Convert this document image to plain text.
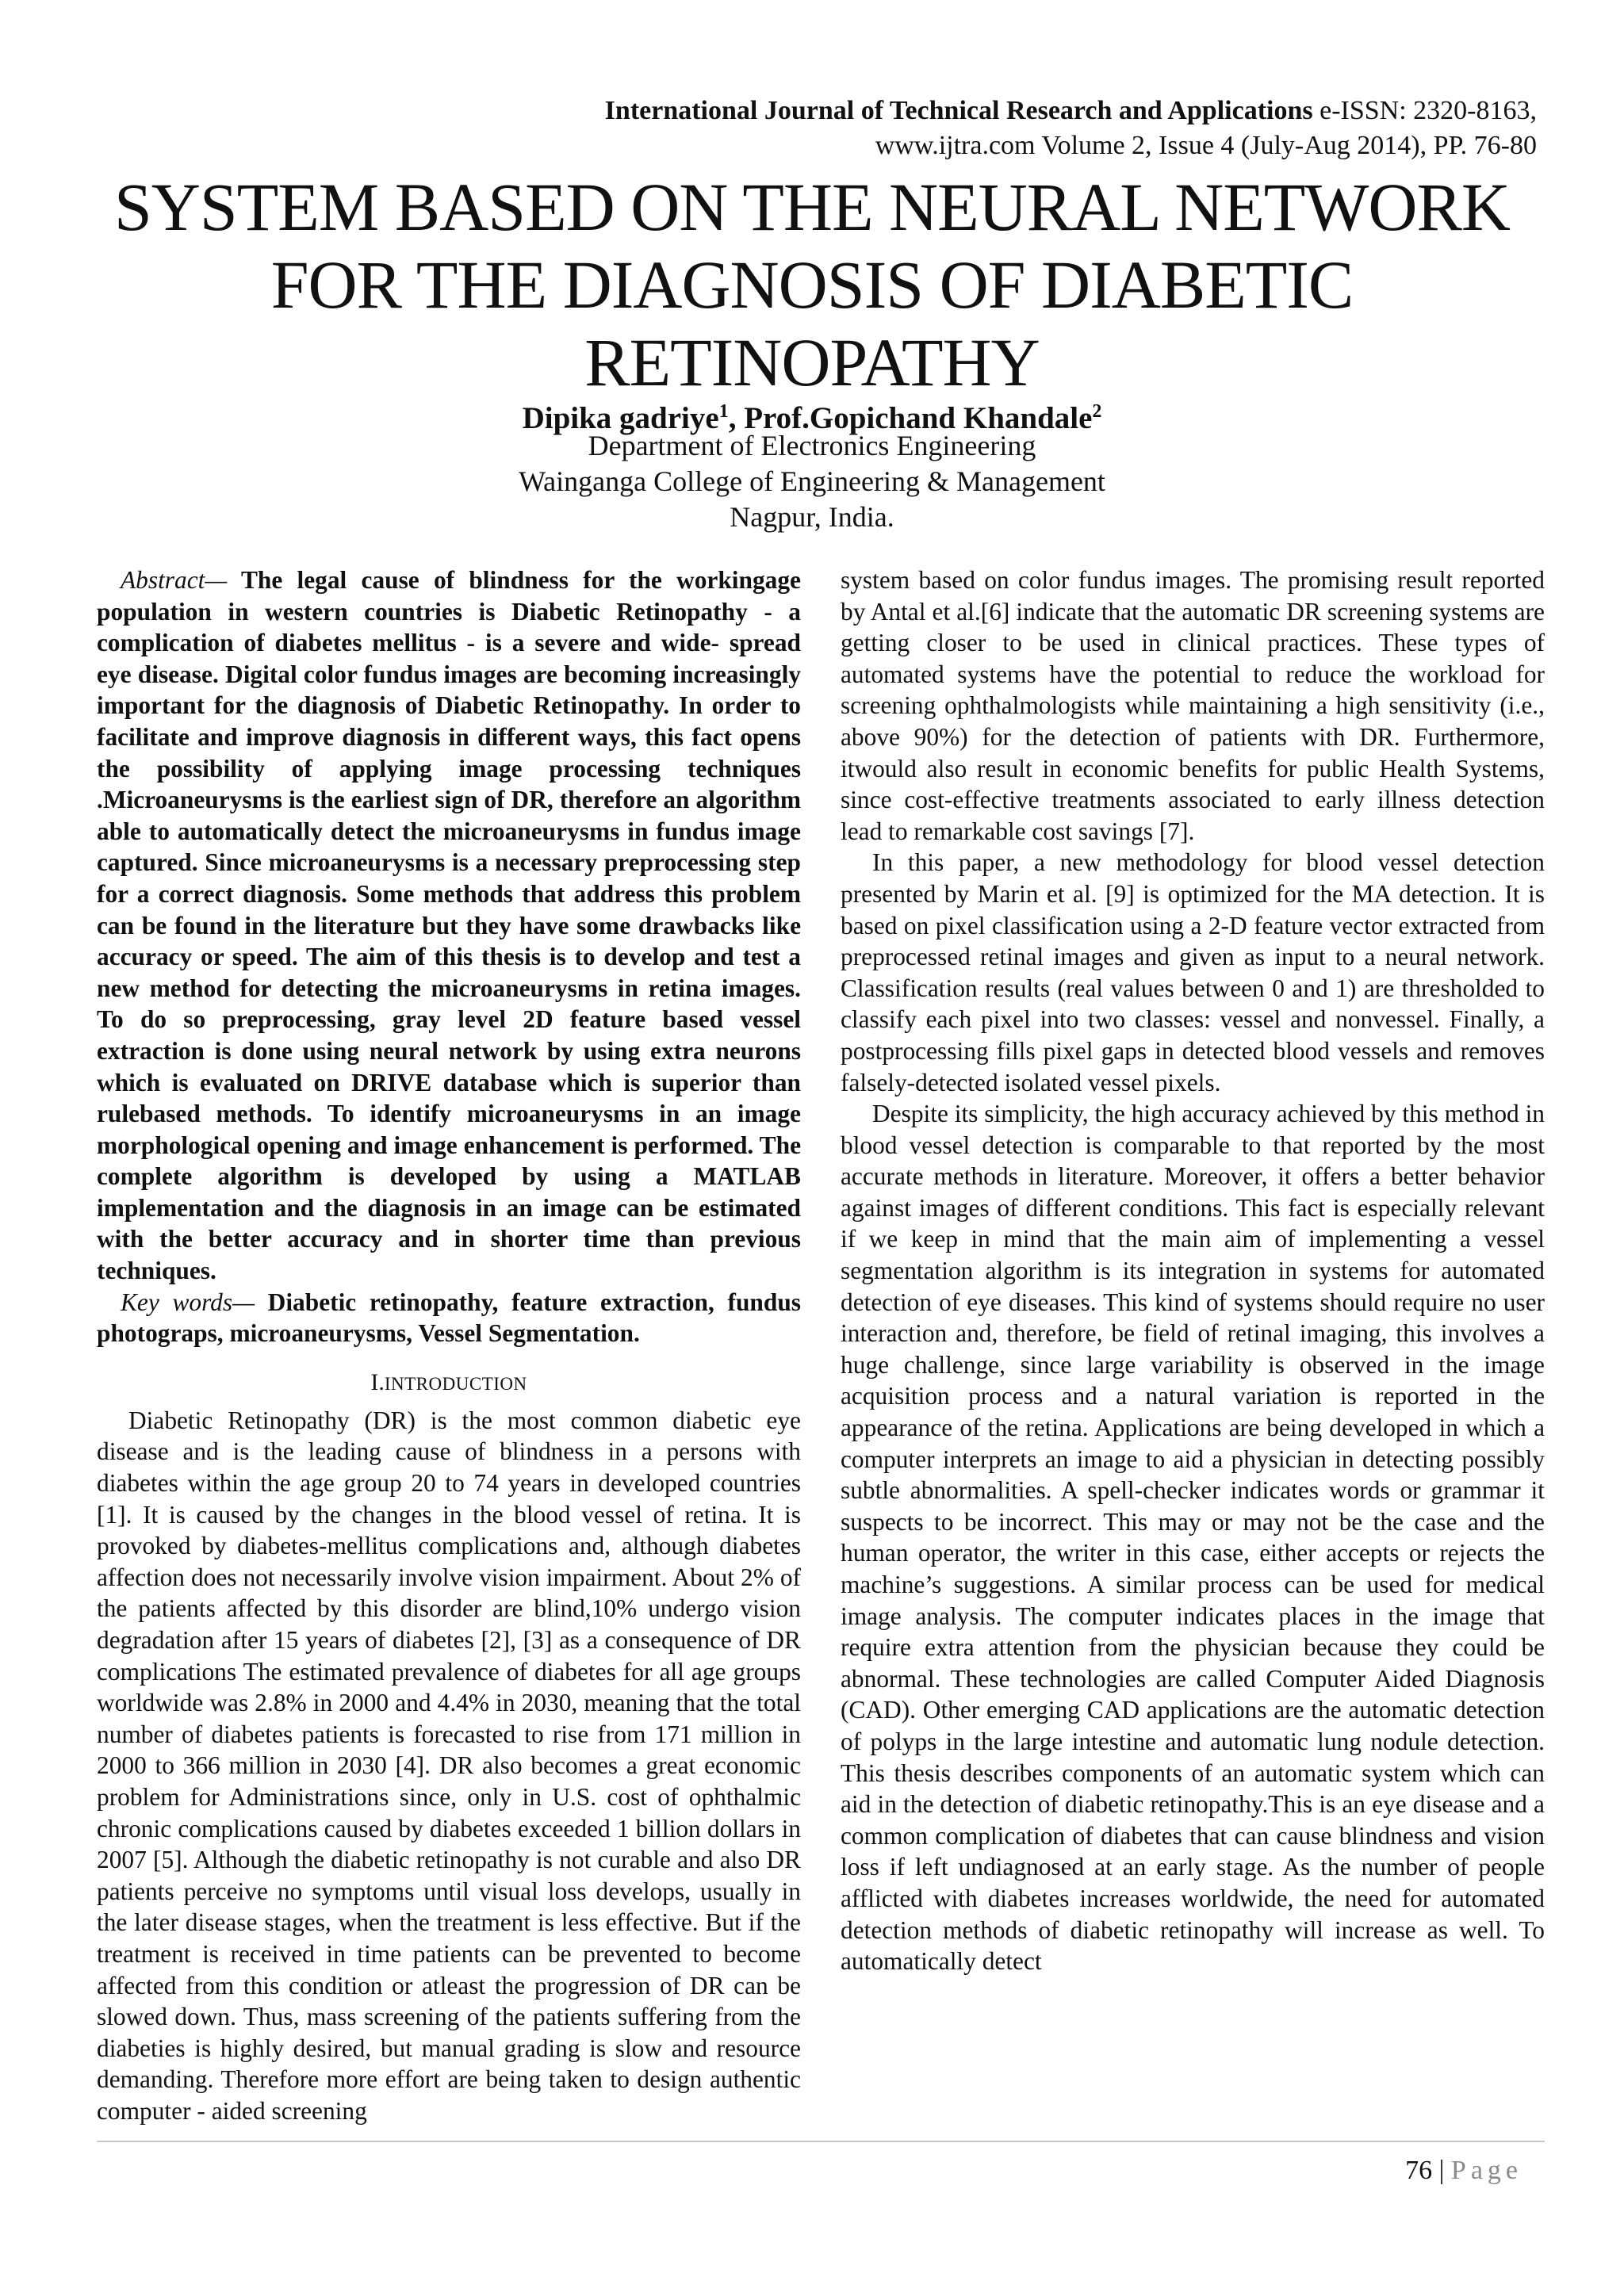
International Journal of Technical Research and Applications e-ISSN: 2320-8163,
www.ijtra.com Volume 2, Issue 4 (July-Aug 2014), PP. 76-80
SYSTEM BASED ON THE NEURAL NETWORK
FOR THE DIAGNOSIS OF DIABETIC
RETINOPATHY
Dipika gadriye$^1$, Prof.Gopichand Khandale$^2$
Department of Electronics Engineering
Wainganga College of Engineering & Management
Nagpur, India.

Abstract— The legal cause of blindness for the workingage population in western countries is Diabetic Retinopathy - a complication of diabetes mellitus - is a severe and wide- spread eye disease. Digital color fundus images are becoming increasingly important for the diagnosis of Diabetic Retinopathy. In order to facilitate and improve diagnosis in different ways, this fact opens the possibility of applying image processing techniques .Microaneurysms is the earliest sign of DR, therefore an algorithm able to automatically detect the microaneurysms in fundus image captured. Since microaneurysms is a necessary preprocessing step for a correct diagnosis. Some methods that address this problem can be found in the literature but they have some drawbacks like accuracy or speed. The aim of this thesis is to develop and test a new method for detecting the microaneurysms in retina images. To do so preprocessing, gray level 2D feature based vessel extraction is done using neural network by using extra neurons which is evaluated on DRIVE database which is superior than rulebased methods. To identify microaneurysms in an image morphological opening and image enhancement is performed. The complete algorithm is developed by using a MATLAB implementation and the diagnosis in an image can be estimated with the better accuracy and in shorter time than previous techniques.

Key words— Diabetic retinopathy, feature extraction, fundus photograps, microaneurysms, Vessel Segmentation.

I.INTRODUCTION

Diabetic Retinopathy (DR) is the most common diabetic eye disease and is the leading cause of blindness in a persons with diabetes within the age group 20 to 74 years in developed countries [1]. It is caused by the changes in the blood vessel of retina. It is provoked by diabetes-mellitus complications and, although diabetes affection does not necessarily involve vision impairment. About 2% of the patients affected by this disorder are blind,10% undergo vision degradation after 15 years of diabetes [2], [3] as a consequence of DR complications The estimated prevalence of diabetes for all age groups worldwide was 2.8% in 2000 and 4.4% in 2030, meaning that the total number of diabetes patients is forecasted to rise from 171 million in 2000 to 366 million in 2030 [4]. DR also becomes a great economic problem for Administrations since, only in U.S. cost of ophthalmic chronic complications caused by diabetes exceeded 1 billion dollars in 2007 [5]. Although the diabetic retinopathy is not curable and also DR patients perceive no symptoms until visual loss develops, usually in the later disease stages, when the treatment is less effective. But if the treatment is received in time patients can be prevented to become affected from this condition or atleast the progression of DR can be slowed down. Thus, mass screening of the patients suffering from the diabeties is highly desired, but manual grading is slow and resource demanding. Therefore more effort are being taken to design authentic computer - aided screening

system based on color fundus images. The promising result reported by Antal et al.[6] indicate that the automatic DR screening systems are getting closer to be used in clinical practices. These types of automated systems have the potential to reduce the workload for screening ophthalmologists while maintaining a high sensitivity (i.e., above 90%) for the detection of patients with DR. Furthermore, itwould also result in economic benefits for public Health Systems, since cost-effective treatments associated to early illness detection lead to remarkable cost savings [7].

In this paper, a new methodology for blood vessel detection presented by Marin et al. [9] is optimized for the MA detection. It is based on pixel classification using a 2-D feature vector extracted from preprocessed retinal images and given as input to a neural network. Classification results (real values between 0 and 1) are thresholded to classify each pixel into two classes: vessel and nonvessel. Finally, a postprocessing fills pixel gaps in detected blood vessels and removes falsely-detected isolated vessel pixels.

Despite its simplicity, the high accuracy achieved by this method in blood vessel detection is comparable to that reported by the most accurate methods in literature. Moreover, it offers a better behavior against images of different conditions. This fact is especially relevant if we keep in mind that the main aim of implementing a vessel segmentation algorithm is its integration in systems for automated detection of eye diseases. This kind of systems should require no user interaction and, therefore, be field of retinal imaging, this involves a huge challenge, since large variability is observed in the image acquisition process and a natural variation is reported in the appearance of the retina. Applications are being developed in which a computer interprets an image to aid a physician in detecting possibly subtle abnormalities. A spell-checker indicates words or grammar it suspects to be incorrect. This may or may not be the case and the human operator, the writer in this case, either accepts or rejects the machine’s suggestions. A similar process can be used for medical image analysis. The computer indicates places in the image that require extra attention from the physician because they could be abnormal. These technologies are called Computer Aided Diagnosis (CAD). Other emerging CAD applications are the automatic detection of polyps in the large intestine and automatic lung nodule detection. This thesis describes components of an automatic system which can aid in the detection of diabetic retinopathy.This is an eye disease and a common complication of diabetes that can cause blindness and vision loss if left undiagnosed at an early stage. As the number of people afflicted with diabetes increases worldwide, the need for automated detection methods of diabetic retinopathy will increase as well. To automatically detect

76 | Page
